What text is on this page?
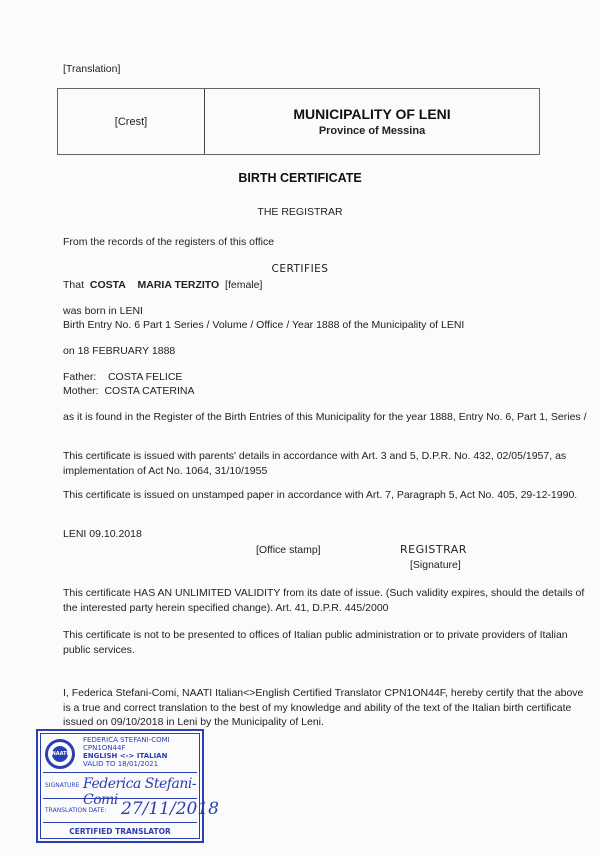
[Translation]
[Crest]	MUNICIPALITY OF LENI
Province of Messina
BIRTH CERTIFICATE
THE REGISTRAR
From the records of the registers of this office
CERTIFIES
That COSTA MARIA TERZITO [female]
was born in LENI
Birth Entry No. 6 Part 1 Series / Volume / Office / Year 1888 of the Municipality of LENI
on 18 FEBRUARY 1888
Father: COSTA FELICE
Mother: COSTA CATERINA
as it is found in the Register of the Birth Entries of this Municipality for the year 1888, Entry No. 6, Part 1, Series /
This certificate is issued with parents' details in accordance with Art. 3 and 5, D.P.R. No. 432, 02/05/1957, as implementation of Act No. 1064, 31/10/1955
This certificate is issued on unstamped paper in accordance with Art. 7, Paragraph 5, Act No. 405, 29-12-1990.
LENI 09.10.2018
[Office stamp]	REGISTRAR
[Signature]
This certificate HAS AN UNLIMITED VALIDITY from its date of issue. (Such validity expires, should the details of the interested party herein specified change). Art. 41, D.P.R. 445/2000
This certificate is not to be presented to offices of Italian public administration or to private providers of Italian public services.
I, Federica Stefani-Comi, NAATI Italian<>English Certified Translator CPN1ON44F, hereby certify that the above is a true and correct translation to the best of my knowledge and ability of the text of the Italian birth certificate issued on 09/10/2018 in Leni by the Municipality of Leni.
NAATI
FEDERICA STEFANI-COMI
CPN1ON44F
ENGLISH <-> ITALIAN
VALID TO 18/01/2021
SIGNATURE Federica Stefani-Comi
TRANSLATION DATE: 27/11/2018
CERTIFIED TRANSLATOR
